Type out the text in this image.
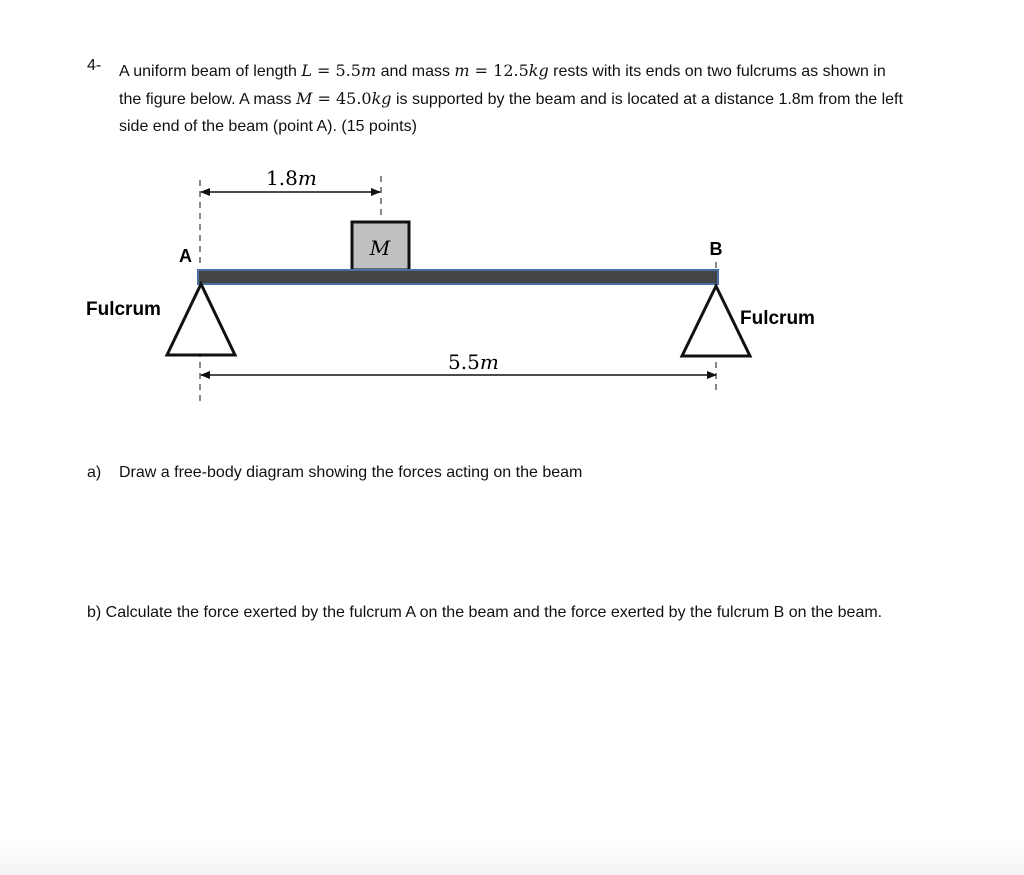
4- A uniform beam of length L = 5.5m and mass m = 12.5kg rests with its ends on two fulcrums as shown in the figure below. A mass M = 45.0kg is supported by the beam and is located at a distance 1.8m from the left side end of the beam (point A). (15 points)
1.8m
M
A	B
Fulcrum	Fulcrum
5.5m
a) Draw a free-body diagram showing the forces acting on the beam
b) Calculate the force exerted by the fulcrum A on the beam and the force exerted by the fulcrum B on the beam.
